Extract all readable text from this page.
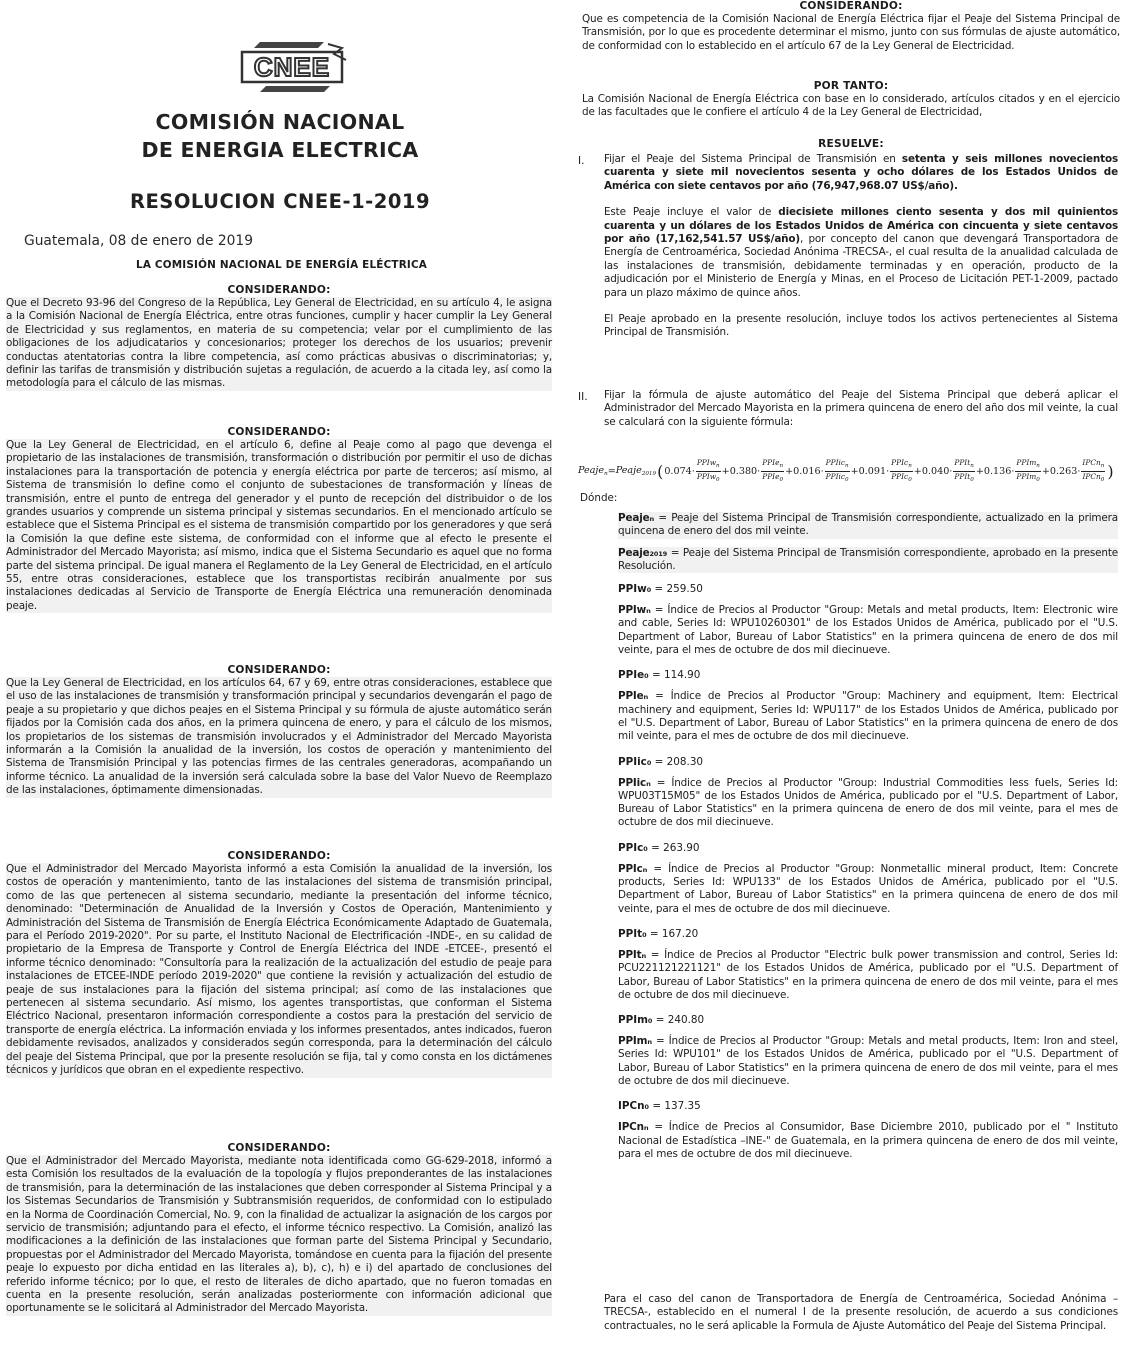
CNEE
COMISIÓN NACIONAL
DE ENERGIA ELECTRICA
RESOLUCION CNEE-1-2019
Guatemala, 08 de enero de 2019
LA COMISIÓN NACIONAL DE ENERGÍA ELÉCTRICA

CONSIDERANDO:

Que el Decreto 93-96 del Congreso de la República, Ley General de Electricidad, en su artículo 4, le asigna a la Comisión Nacional de Energía Eléctrica, entre otras funciones, cumplir y hacer cumplir la Ley General de Electricidad y sus reglamentos, en materia de su competencia; velar por el cumplimiento de las obligaciones de los adjudicatarios y concesionarios; proteger los derechos de los usuarios; prevenir conductas atentatorias contra la libre competencia, así como prácticas abusivas o discriminatorias; y, definir las tarifas de transmisión y distribución sujetas a regulación, de acuerdo a la citada ley, así como la metodología para el cálculo de las mismas.

CONSIDERANDO:

Que la Ley General de Electricidad, en el artículo 6, define al Peaje como al pago que devenga el propietario de las instalaciones de transmisión, transformación o distribución por permitir el uso de dichas instalaciones para la transportación de potencia y energía eléctrica por parte de terceros; así mismo, al Sistema de transmisión lo define como el conjunto de subestaciones de transformación y líneas de transmisión, entre el punto de entrega del generador y el punto de recepción del distribuidor o de los grandes usuarios y comprende un sistema principal y sistemas secundarios. En el mencionado artículo se establece que el Sistema Principal es el sistema de transmisión compartido por los generadores y que será la Comisión la que define este sistema, de conformidad con el informe que al efecto le presente el Administrador del Mercado Mayorista; así mismo, indica que el Sistema Secundario es aquel que no forma parte del sistema principal. De igual manera el Reglamento de la Ley General de Electricidad, en el artículo 55, entre otras consideraciones, establece que los transportistas recibirán anualmente por sus instalaciones dedicadas al Servicio de Transporte de Energía Eléctrica una remuneración denominada peaje.

CONSIDERANDO:

Que la Ley General de Electricidad, en los artículos 64, 67 y 69, entre otras consideraciones, establece que el uso de las instalaciones de transmisión y transformación principal y secundarios devengarán el pago de peaje a su propietario y que dichos peajes en el Sistema Principal y su fórmula de ajuste automático serán fijados por la Comisión cada dos años, en la primera quincena de enero, y para el cálculo de los mismos, los propietarios de los sistemas de transmisión involucrados y el Administrador del Mercado Mayorista informarán a la Comisión la anualidad de la inversión, los costos de operación y mantenimiento del Sistema de Transmisión Principal y las potencias firmes de las centrales generadoras, acompañando un informe técnico. La anualidad de la inversión será calculada sobre la base del Valor Nuevo de Reemplazo de las instalaciones, óptimamente dimensionadas.

CONSIDERANDO:

Que el Administrador del Mercado Mayorista informó a esta Comisión la anualidad de la inversión, los costos de operación y mantenimiento, tanto de las instalaciones del sistema de transmisión principal, como de las que pertenecen al sistema secundario, mediante la presentación del informe técnico, denominado: "Determinación de Anualidad de la Inversión y Costos de Operación, Mantenimiento y Administración del Sistema de Transmisión de Energía Eléctrica Económicamente Adaptado de Guatemala, para el Período 2019-2020". Por su parte, el Instituto Nacional de Electrificación -INDE-, en su calidad de propietario de la Empresa de Transporte y Control de Energía Eléctrica del INDE -ETCEE-, presentó el informe técnico denominado: "Consultoría para la realización de la actualización del estudio de peaje para instalaciones de ETCEE-INDE período 2019-2020" que contiene la revisión y actualización del estudio de peaje de sus instalaciones para la fijación del sistema principal; así como de las instalaciones que pertenecen al sistema secundario. Así mismo, los agentes transportistas, que conforman el Sistema Eléctrico Nacional, presentaron información correspondiente a costos para la prestación del servicio de transporte de energía eléctrica. La información enviada y los informes presentados, antes indicados, fueron debidamente revisados, analizados y considerados según corresponda, para la determinación del cálculo del peaje del Sistema Principal, que por la presente resolución se fija, tal y como consta en los dictámenes técnicos y jurídicos que obran en el expediente respectivo.

CONSIDERANDO:

Que el Administrador del Mercado Mayorista, mediante nota identificada como GG-629-2018, informó a esta Comisión los resultados de la evaluación de la topología y flujos preponderantes de las instalaciones de transmisión, para la determinación de las instalaciones que deben corresponder al Sistema Principal y a los Sistemas Secundarios de Transmisión y Subtransmisión requeridos, de conformidad con lo estipulado en la Norma de Coordinación Comercial, No. 9, con la finalidad de actualizar la asignación de los cargos por servicio de transmisión; adjuntando para el efecto, el informe técnico respectivo. La Comisión, analizó las modificaciones a la definición de las instalaciones que forman parte del Sistema Principal y Secundario, propuestas por el Administrador del Mercado Mayorista, tomándose en cuenta para la fijación del presente peaje lo expuesto por dicha entidad en las literales a), b), c), h) e i) del apartado de conclusiones del referido informe técnico; por lo que, el resto de literales de dicho apartado, que no fueron tomadas en cuenta en la presente resolución, serán analizadas posteriormente con información adicional que oportunamente se le solicitará al Administrador del Mercado Mayorista.

CONSIDERANDO:

Que es competencia de la Comisión Nacional de Energía Eléctrica fijar el Peaje del Sistema Principal de Transmisión, por lo que es procedente determinar el mismo, junto con sus fórmulas de ajuste automático, de conformidad con lo establecido en el artículo 67 de la Ley General de Electricidad.

POR TANTO:

La Comisión Nacional de Energía Eléctrica con base en lo considerado, artículos citados y en el ejercicio de las facultades que le confiere el artículo 4 de la Ley General de Electricidad,

RESUELVE:

I. Fijar el Peaje del Sistema Principal de Transmisión en setenta y seis millones novecientos cuarenta y siete mil novecientos sesenta y ocho dólares de los Estados Unidos de América con siete centavos por año (76,947,968.07 US$/año).

Este Peaje incluye el valor de diecisiete millones ciento sesenta y dos mil quinientos cuarenta y un dólares de los Estados Unidos de América con cincuenta y siete centavos por año (17,162,541.57 US$/año), por concepto del canon que devengará Transportadora de Energía de Centroamérica, Sociedad Anónima -TRECSA-, el cual resulta de la anualidad calculada de las instalaciones de transmisión, debidamente terminadas y en operación, producto de la adjudicación por el Ministerio de Energía y Minas, en el Proceso de Licitación PET-1-2009, pactado para un plazo máximo de quince años.

El Peaje aprobado en la presente resolución, incluye todos los activos pertenecientes al Sistema Principal de Transmisión.

II. Fijar la fórmula de ajuste automático del Peaje del Sistema Principal que deberá aplicar el Administrador del Mercado Mayorista en la primera quincena de enero del año dos mil veinte, la cual se calculará con la siguiente fórmula:

Dónde:

Peajeₙ = Peaje del Sistema Principal de Transmisión correspondiente, actualizado en la primera quincena de enero del dos mil veinte.

Peaje₂₀₁₉ = Peaje del Sistema Principal de Transmisión correspondiente, aprobado en la presente Resolución.

PPIw₀ = 259.50

PPIwₙ = Índice de Precios al Productor "Group: Metals and metal products, Item: Electronic wire and cable, Series Id: WPU10260301" de los Estados Unidos de América, publicado por el "U.S. Department of Labor, Bureau of Labor Statistics" en la primera quincena de enero de dos mil veinte, para el mes de octubre de dos mil diecinueve.

PPIe₀ = 114.90

PPIeₙ = Índice de Precios al Productor "Group: Machinery and equipment, Item: Electrical machinery and equipment, Series Id: WPU117" de los Estados Unidos de América, publicado por el "U.S. Department of Labor, Bureau of Labor Statistics" en la primera quincena de enero de dos mil veinte, para el mes de octubre de dos mil diecinueve.

PPIic₀ = 208.30

PPIicₙ = Índice de Precios al Productor "Group: Industrial Commodities less fuels, Series Id: WPU03T15M05" de los Estados Unidos de América, publicado por el "U.S. Department of Labor, Bureau of Labor Statistics" en la primera quincena de enero de dos mil veinte, para el mes de octubre de dos mil diecinueve.

PPIc₀ = 263.90

PPIcₙ = Índice de Precios al Productor "Group: Nonmetallic mineral product, Item: Concrete products, Series Id: WPU133" de los Estados Unidos de América, publicado por el "U.S. Department of Labor, Bureau of Labor Statistics" en la primera quincena de enero de dos mil veinte, para el mes de octubre de dos mil diecinueve.

PPIt₀ = 167.20

PPItₙ = Índice de Precios al Productor "Electric bulk power transmission and control, Series Id: PCU221121221121" de los Estados Unidos de América, publicado por el "U.S. Department of Labor, Bureau of Labor Statistics" en la primera quincena de enero de dos mil veinte, para el mes de octubre de dos mil diecinueve.

PPIm₀ = 240.80

PPImₙ = Índice de Precios al Productor "Group: Metals and metal products, Item: Iron and steel, Series Id: WPU101" de los Estados Unidos de América, publicado por el "U.S. Department of Labor, Bureau of Labor Statistics" en la primera quincena de enero de dos mil veinte, para el mes de octubre de dos mil diecinueve.

IPCn₀ = 137.35

IPCnₙ = Índice de Precios al Consumidor, Base Diciembre 2010, publicado por el " Instituto Nacional de Estadística –INE-" de Guatemala, en la primera quincena de enero de dos mil veinte, para el mes de octubre de dos mil diecinueve.

Para el caso del canon de Transportadora de Energía de Centroamérica, Sociedad Anónima –TRECSA-, establecido en el numeral I de la presente resolución, de acuerdo a sus condiciones contractuales, no le será aplicable la Formula de Ajuste Automático del Peaje del Sistema Principal.

Peaje$_n$ = Peaje$_{2019}$ ( $0.074\cdot \frac{PPIw_n}{PPIw_0} + 0.380\cdot \frac{PPIe_n}{PPIe_0} + 0.016\cdot \frac{PPIic_n}{PPIic_0} + 0.091\cdot \frac{PPIc_n}{PPIc_0} + 0.040\cdot \frac{PPIt_n}{PPIt_0} + 0.136\cdot \frac{PPIm_n}{PPIm_0} + 0.263\cdot \frac{IPCn_n}{IPCn_0}$ )
